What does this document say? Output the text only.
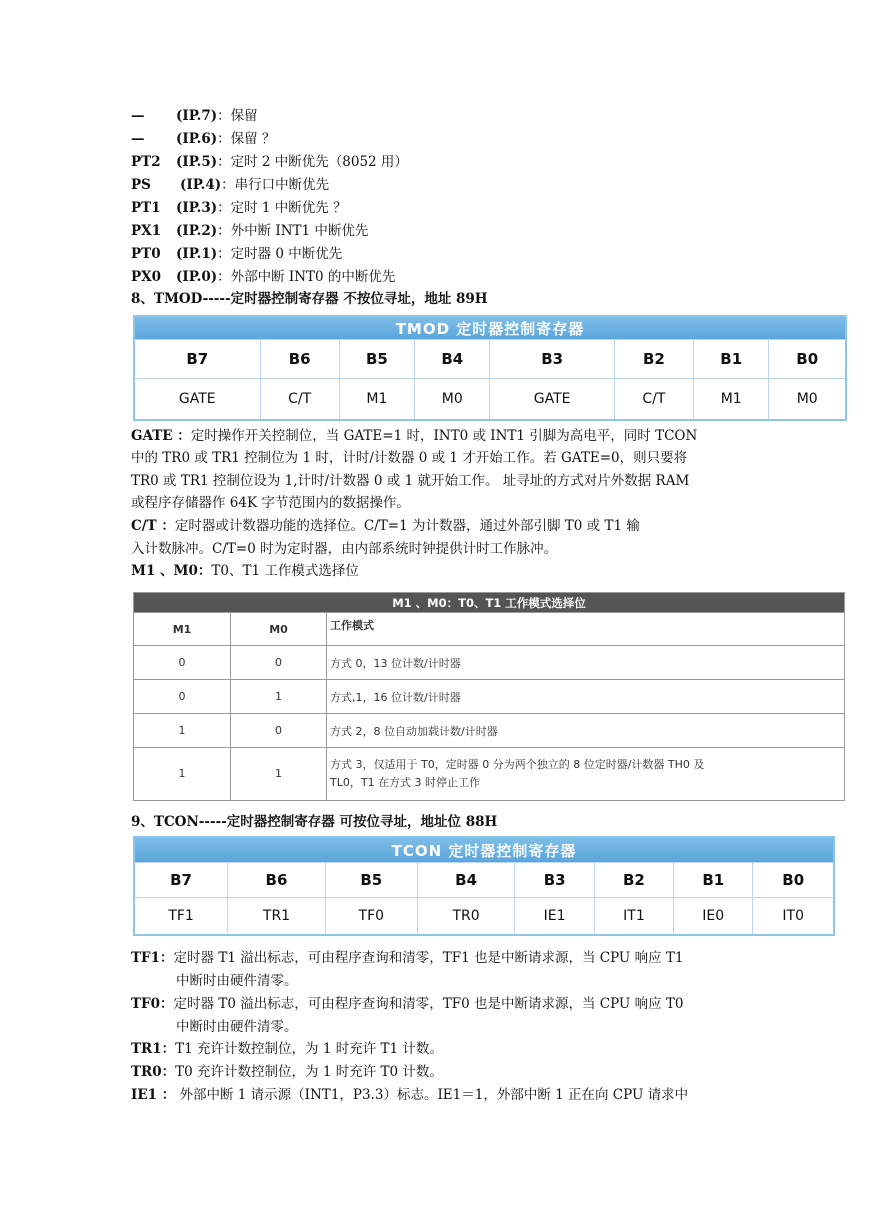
— (IP.7)：保留
— (IP.6)：保留 ？
PT2 (IP.5)：定时 2 中断优先（8052 用）
PS (IP.4)：串行口中断优先
PT1 (IP.3)：定时 1 中断优先 ？
PX1 (IP.2)：外中断 INT1 中断优先
PT0 (IP.1)：定时器 0 中断优先
PX0 (IP.0)：外部中断 INT0 的中断优先
8、TMOD-----定时器控制寄存器 不按位寻址，地址 89H
TMOD 定时器控制寄存器							
B7	B6	B5	B4	B3	B2	B1	B0
GATE	C/T	M1	M0	GATE	C/T	M1	M0
GATE ：定时操作开关控制位，当 GATE=1 时，INT0 或 INT1 引脚为高电平，同时 TCON
中的 TR0 或 TR1 控制位为 1 时，计时/计数器 0 或 1 才开始工作。若 GATE=0，则只要将
TR0 或 TR1 控制位设为 1,计时/计数器 0 或 1 就开始工作。 址寻址的方式对片外数据 RAM
或程序存储器作 64K 字节范围内的数据操作。
C/T ：定时器或计数器功能的选择位。C/T=1 为计数器，通过外部引脚 T0 或 T1 输
入计数脉冲。C/T=0 时为定时器，由内部系统时钟提供计时工作脉冲。
M1 、M0：T0、T1 工作模式选择位
M1 、M0：T0、T1 工作模式选择位		
M1	M0	工作模式
0	0	方式 0，13 位计数/计时器
0	1	方式,1，16 位计数/计时器
1	0	方式 2，8 位自动加载计数/计时器
1	1	方式 3，仅适用于 T0，定时器 0 分为两个独立的 8 位定时器/计数器 TH0 及
TL0，T1 在方式 3 时停止工作
9、TCON-----定时器控制寄存器 可按位寻址，地址位 88H
TCON 定时器控制寄存器							
B7	B6	B5	B4	B3	B2	B1	B0
TF1	TR1	TF0	TR0	IE1	IT1	IE0	IT0
TF1：定时器 T1 溢出标志，可由程序查询和清零，TF1 也是中断请求源，当 CPU 响应 T1
中断时由硬件清零。
TF0：定时器 T0 溢出标志，可由程序查询和清零，TF0 也是中断请求源，当 CPU 响应 T0
中断时由硬件清零。
TR1：T1 充许计数控制位，为 1 时充许 T1 计数。
TR0：T0 充许计数控制位，为 1 时充许 T0 计数。
IE1 ： 外部中断 1 请示源（INT1，P3.3）标志。IE1＝1，外部中断 1 正在向 CPU 请求中
